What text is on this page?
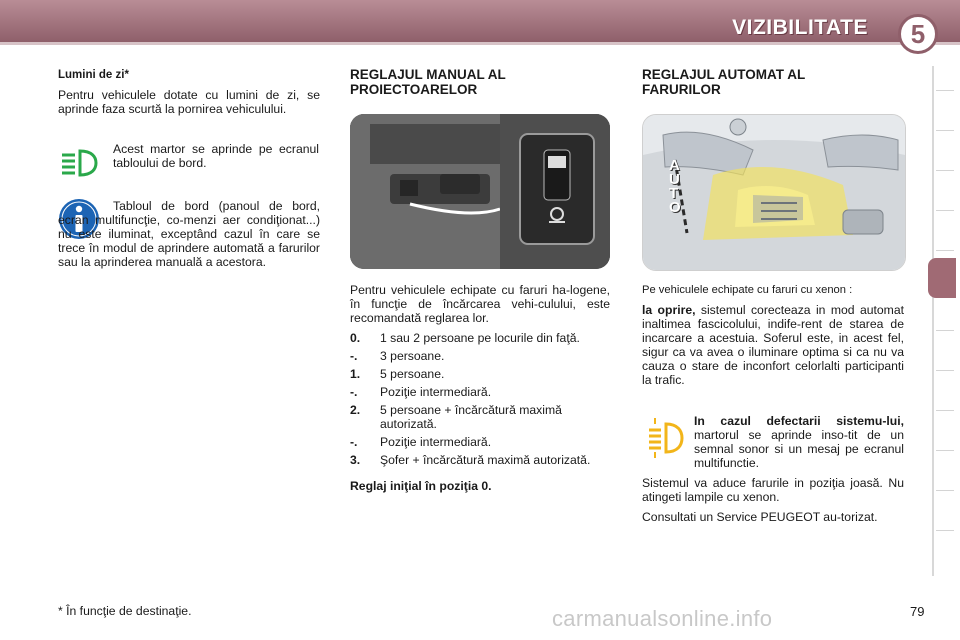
VIZIBILITATE	5
Lumini de zi*

Pentru vehiculele dotate cu lumini de zi, se aprinde faza scurtă la pornirea vehiculului.

Acest martor se aprinde pe ecranul tabloului de bord.

Tabloul de bord (panoul de bord, ecran multifuncţie, co-menzi aer condiţionat...) nu este iluminat, exceptând cazul în care se trece în modul de aprindere automată a farurilor sau la aprinderea manuală a acestora.

REGLAJUL MANUAL AL
PROIECTOARELOR

Pentru vehiculele echipate cu faruri ha-logene, în funcţie de încărcarea vehi-culului, este recomandată reglarea lor.

0. 1 sau 2 persoane pe locurile din faţă.
-. 3 persoane.
1. 5 persoane.
-. Poziţie intermediară.
2. 5 persoane + încărcătură maximă autorizată.
-. Poziţie intermediară.
3. Şofer + încărcătură maximă autorizată.

Reglaj iniţial în poziţia 0.

REGLAJUL AUTOMAT AL
FARURILOR
AUTO

Pe vehiculele echipate cu faruri cu xenon :

la oprire, sistemul corecteaza in mod automat inaltimea fascicolului, indife-rent de starea de incarcare a acestuia. Soferul este, in acest fel, sigur ca va avea o iluminare optima si ca nu va cauza o stare de inconfort celorlalti participanti la trafic.

In cazul defectarii sistemu-lui, martorul se aprinde inso-tit de un semnal sonor si un mesaj pe ecranul multifunctie.

Sistemul va aduce farurile in poziţia joasă. Nu atingeti lampile cu xenon.

Consultati un Service PEUGEOT au-torizat.

* În funcţie de destinaţie.	carmanualsonline.info	79
